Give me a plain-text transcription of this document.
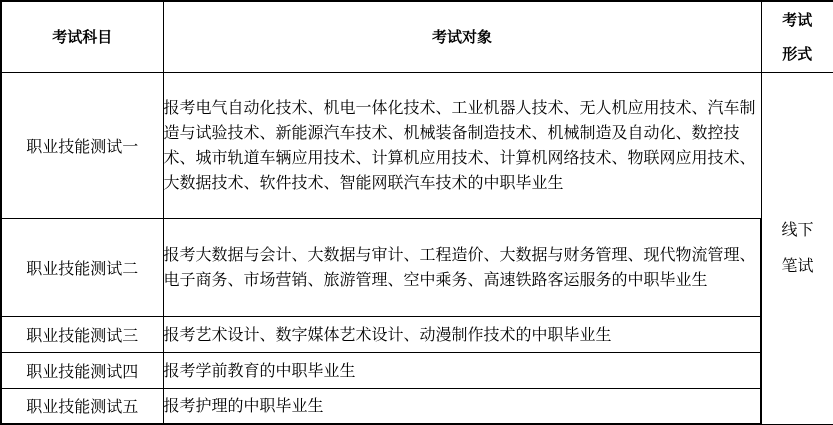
考试科目	考试对象	考试
形式
职业技能测试一	报考电气自动化技术、机电一体化技术、工业机器人技术、无人机应用技术、汽车制造与试验技术、新能源汽车技术、机械装备制造技术、机械制造及自动化、数控技术、城市轨道车辆应用技术、计算机应用技术、计算机网络技术、物联网应用技术、大数据技术、软件技术、智能网联汽车技术的中职毕业生	线下
笔试
职业技能测试二	报考大数据与会计、大数据与审计、工程造价、大数据与财务管理、现代物流管理、电子商务、市场营销、旅游管理、空中乘务、高速铁路客运服务的中职毕业生	
职业技能测试三	报考艺术设计、数字媒体艺术设计、动漫制作技术的中职毕业生	
职业技能测试四	报考学前教育的中职毕业生	
职业技能测试五	报考护理的中职毕业生	
